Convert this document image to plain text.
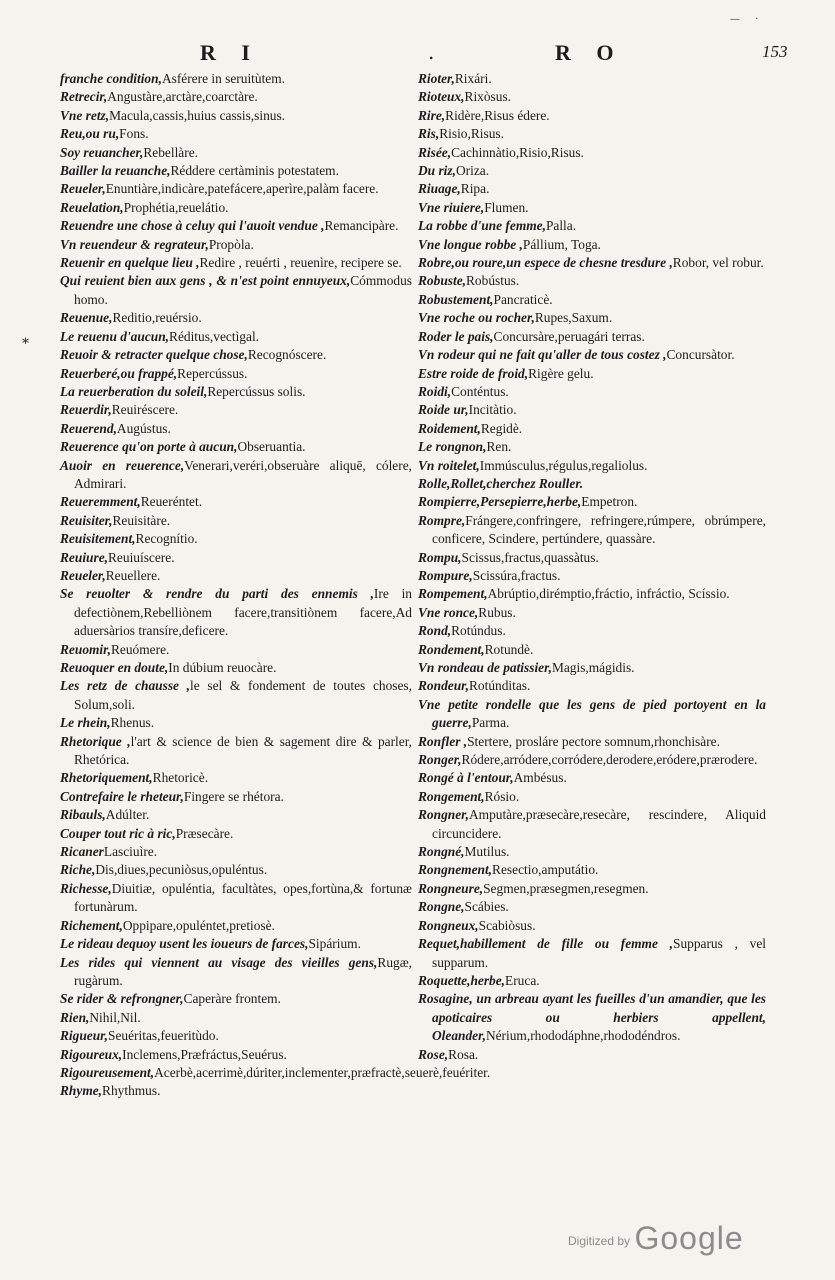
— ·
R I	.	R O	153
*
franche condition,Asférere in seruitùtem.
Retrecir,Angustàre,arctàre,coarctàre.
Vne retz,Macula,cassis,huius cassis,sinus.
Reu,ou ru,Fons.
Soy reuancher,Rebellàre.
Bailler la reuanche,Réddere certàminis potestatem.
Reueler,Enuntiàre,indicàre,patefácere,aperìre,palàm facere.
Reuelation,Prophétia,reuelátio.
Reuendre une chose à celuy qui l'auoit vendue ,Remancipàre.
Vn reuendeur & regrateur,Propòla.
Reuenir en quelque lieu ,Redire , reuérti , reuenìre, recipere se.
Qui reuient bien aux gens , & n'est point ennuyeux,Cómmodus homo.
Reuenue,Reditio,reuérsio.
Le reuenu d'aucun,Réditus,vectìgal.
Reuoir & retracter quelque chose,Recognóscere.
Reuerberé,ou frappé,Repercússus.
La reuerberation du soleil,Repercússus solis.
Reuerdir,Reuiréscere.
Reuerend,Augústus.
Reuerence qu'on porte à aucun,Obseruantia.
Auoir en reuerence,Venerari,veréri,obseruàre aliquē, cólere, Admirari.
Reueremment,Reueréntet.
Reuisiter,Reuisitàre.
Reuisitement,Recognítio.
Reuiure,Reuiuíscere.
Reueler,Reuellere.
Se reuolter & rendre du parti des ennemis ,Ire in defectiònem,Rebelliònem facere,transitiònem facere,Ad aduersàrios transíre,deficere.
Reuomir,Reuómere.
Reuoquer en doute,In dúbium reuocàre.
Les retz de chausse ,le sel & fondement de toutes choses, Solum,soli.
Le rhein,Rhenus.
Rhetorique ,l'art & science de bien & sagement dire & parler, Rhetórica.
Rhetoriquement,Rhetoricè.
Contrefaire le rheteur,Fingere se rhétora.
Ribauls,Adúlter.
Couper tout ric à ric,Præsecàre.
RicanerLasciuìre.
Riche,Dis,diues,pecuniòsus,opuléntus.
Richesse,Diuitiæ, opuléntia, facultàtes, opes,fortùna,& fortunæ fortunàrum.
Richement,Oppipare,opuléntet,pretiosè.
Le rideau dequoy usent les ioueurs de farces,Sipárium.
Les rides qui viennent au visage des vieilles gens,Rugæ, rugàrum.
Se rider & refrongner,Caperàre frontem.
Rien,Nihil,Nil.
Rigueur,Seuéritas,feueritùdo.
Rigoureux,Inclemens,Præfráctus,Seuérus.
Rigoureusement,Acerbè,acerrimè,dúriter,inclementer,præfractè,seuerè,feuériter.
Rhyme,Rhythmus.
Rioter,Rixári.
Rioteux,Rixòsus.
Rire,Ridère,Risus édere.
Ris,Risio,Risus.
Risée,Cachinnàtio,Risio,Risus.
Du riz,Oriza.
Riuage,Ripa.
Vne riuiere,Flumen.
La robbe d'une femme,Palla.
Vne longue robbe ,Pállium, Toga.
Robre,ou roure,un espece de chesne tresdure ,Robor, vel robur.
Robuste,Robústus.
Robustement,Pancraticè.
Vne roche ou rocher,Rupes,Saxum.
Roder le pais,Concursàre,peruagári terras.
Vn rodeur qui ne fait qu'aller de tous costez ,Concursàtor.
Estre roide de froid,Rigère gelu.
Roidi,Conténtus.
Roide ur,Incitàtio.
Roidement,Regidè.
Le rongnon,Ren.
Vn roitelet,Immúsculus,régulus,regaliolus.
Rolle,Rollet,cherchez Rouller.
Rompierre,Persepierre,herbe,Empetron.
Rompre,Frángere,confringere, refringere,rúmpere, obrúmpere, conficere, Scindere, pertúndere, quassàre.
Rompu,Scissus,fractus,quassàtus.
Rompure,Scissúra,fractus.
Rompement,Abrúptio,dirémptio,fráctio, infráctio, Scíssio.
Vne ronce,Rubus.
Rond,Rotúndus.
Rondement,Rotundè.
Vn rondeau de patissier,Magis,mágidis.
Rondeur,Rotúnditas.
Vne petite rondelle que les gens de pied portoyent en la guerre,Parma.
Ronfler ,Stertere, prosláre pectore somnum,rhonchisàre.
Ronger,Ródere,arródere,corródere,derodere,eródere,prærodere.
Rongé à l'entour,Ambésus.
Rongement,Rósio.
Rongner,Amputàre,præsecàre,resecàre, rescindere, Aliquid circuncidere.
Rongné,Mutilus.
Rongnement,Resectio,amputátio.
Rongneure,Segmen,præsegmen,resegmen.
Rongne,Scábies.
Rongneux,Scabiòsus.
Requet,habillement de fille ou femme ,Supparus , vel supparum.
Roquette,herbe,Eruca.
Rosagine, un arbreau ayant les fueilles d'un amandier, que les apoticaires ou herbiers appellent, Oleander,Nérium,rhododáphne,rhododéndros.
Rose,Rosa.
$^{Digitized by}$ Google
